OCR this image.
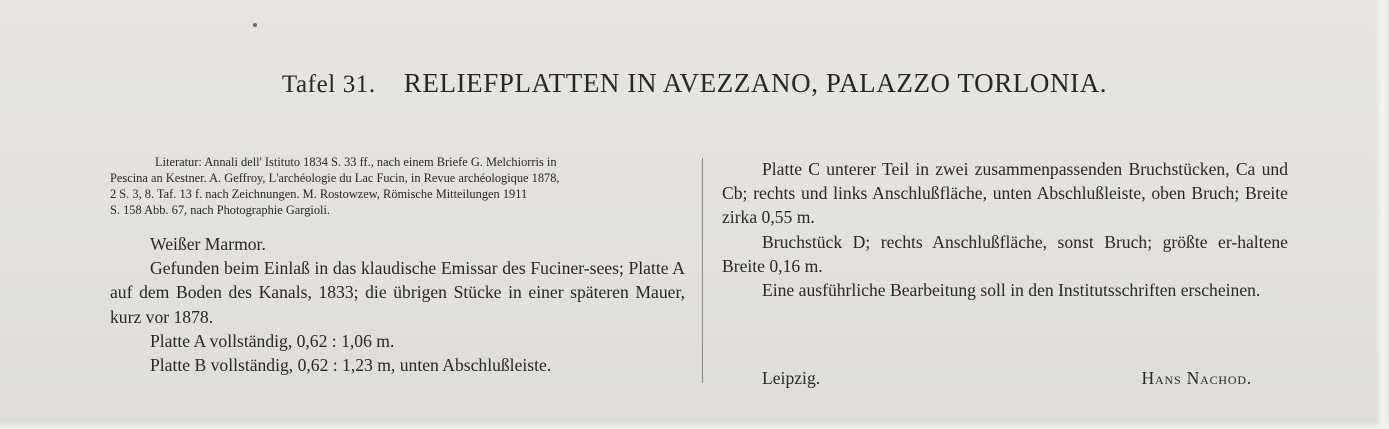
Tafel 31. RELIEFPLATTEN IN AVEZZANO, PALAZZO TORLONIA.
Literatur: Annali dell' Istituto 1834 S. 33 ff., nach einem Briefe G. Melchiorris in
Pescina an Kestner. A. Geffroy, L'archéologie du Lac Fucin, in Revue archéologique 1878,
2 S. 3, 8. Taf. 13 f. nach Zeichnungen. M. Rostowzew, Römische Mitteilungen 1911
S. 158 Abb. 67, nach Photographie Gargioli.

Weißer Marmor.

Gefunden beim Einlaß in das klaudische Emissar des Fuciner-sees; Platte A auf dem Boden des Kanals, 1833; die übrigen Stücke in einer späteren Mauer, kurz vor 1878.

Platte A vollständig, 0,62 : 1,06 m.

Platte B vollständig, 0,62 : 1,23 m, unten Abschlußleiste.

Platte C unterer Teil in zwei zusammenpassenden Bruchstücken, Ca und Cb; rechts und links Anschlußfläche, unten Abschlußleiste, oben Bruch; Breite zirka 0,55 m.

Bruchstück D; rechts Anschlußfläche, sonst Bruch; größte er-haltene Breite 0,16 m.

Eine ausführliche Bearbeitung soll in den Institutsschriften erscheinen.

Leipzig.	Hans Nachod.
